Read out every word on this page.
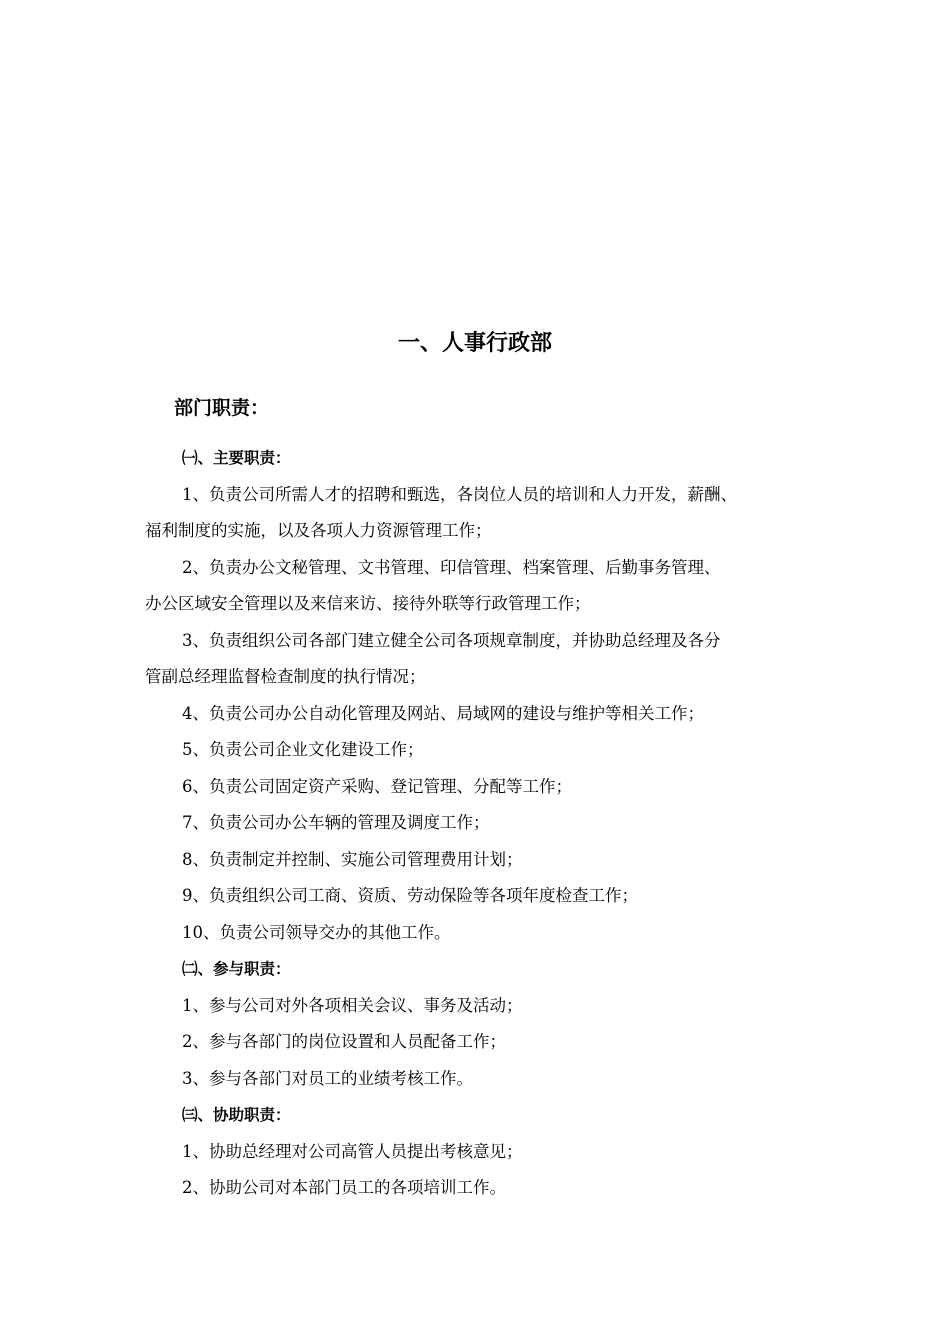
一、人事行政部
部门职责：
㈠、主要职责：
1、负责公司所需人才的招聘和甄选，各岗位人员的培训和人力开发，薪酬、
福利制度的实施，以及各项人力资源管理工作；
2、负责办公文秘管理、文书管理、印信管理、档案管理、后勤事务管理、
办公区域安全管理以及来信来访、接待外联等行政管理工作；
3、负责组织公司各部门建立健全公司各项规章制度，并协助总经理及各分
管副总经理监督检查制度的执行情况；
4、负责公司办公自动化管理及网站、局域网的建设与维护等相关工作；
5、负责公司企业文化建设工作；
6、负责公司固定资产采购、登记管理、分配等工作；
7、负责公司办公车辆的管理及调度工作；
8、负责制定并控制、实施公司管理费用计划；
9、负责组织公司工商、资质、劳动保险等各项年度检查工作；
10、负责公司领导交办的其他工作。
㈡、参与职责：
1、参与公司对外各项相关会议、事务及活动；
2、参与各部门的岗位设置和人员配备工作；
3、参与各部门对员工的业绩考核工作。
㈢、协助职责：
1、协助总经理对公司高管人员提出考核意见；
2、协助公司对本部门员工的各项培训工作。
